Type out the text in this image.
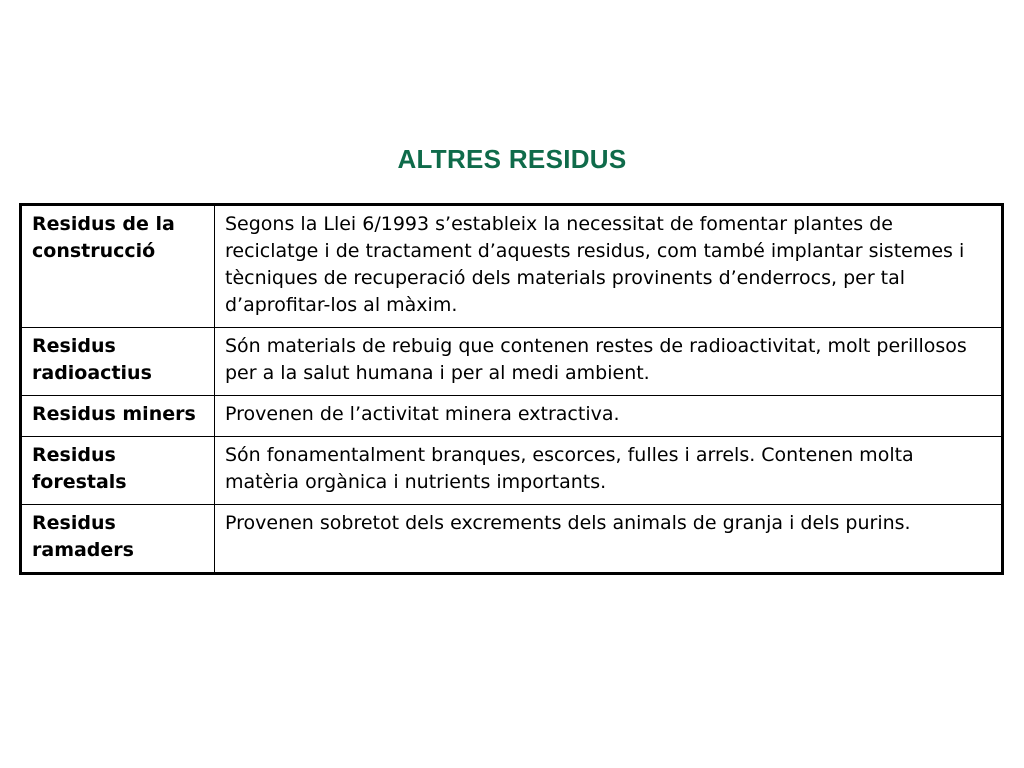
ALTRES RESIDUS
Residus de la construcció	Segons la Llei 6/1993 s’estableix la necessitat de fomentar plantes de reciclatge i de tractament d’aquests residus, com també implantar sistemes i tècniques de recuperació dels materials provinents d’enderrocs, per tal d’aprofitar-los al màxim.
Residus radioactius	Són materials de rebuig que contenen restes de radioactivitat, molt perillosos per a la salut humana i per al medi ambient.
Residus miners	Provenen de l’activitat minera extractiva.
Residus forestals	Són fonamentalment branques, escorces, fulles i arrels. Contenen molta matèria orgànica i nutrients importants.
Residus ramaders	Provenen sobretot dels excrements dels animals de granja i dels purins.
